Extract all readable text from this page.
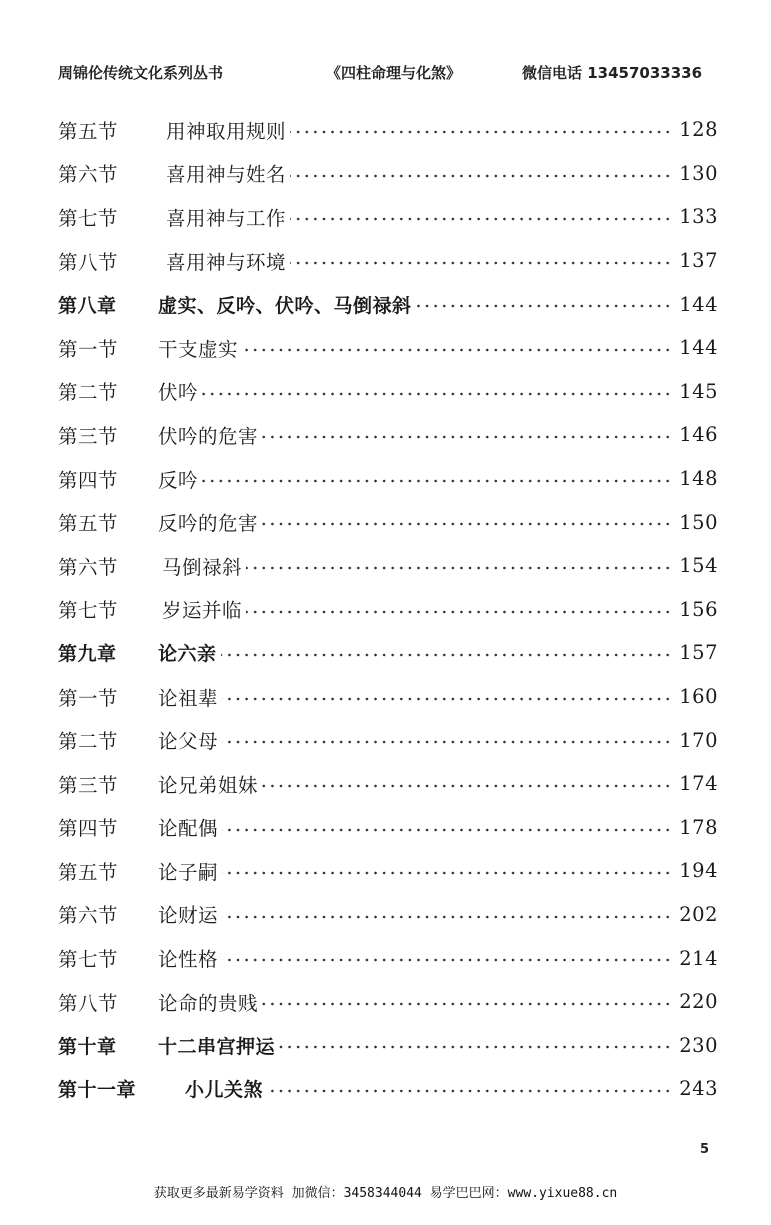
周锦伦传统文化系列丛书	《四柱命理与化煞》	微信电话 13457033336
第五节 用神取用规则	128
第六节 喜用神与姓名	130
第七节 喜用神与工作	133
第八节 喜用神与环境	137
第八章 虚实、反吟、伏吟、马倒禄斜	144
第一节 干支虚实	144
第二节 伏吟	145
第三节 伏吟的危害	146
第四节 反吟	148
第五节 反吟的危害	150
第六节 马倒禄斜	154
第七节 岁运并临	156
第九章 论六亲	157
第一节 论祖辈	160
第二节 论父母	170
第三节 论兄弟姐妹	174
第四节 论配偶	178
第五节 论子嗣	194
第六节 论财运	202
第七节 论性格	214
第八节 论命的贵贱	220
第十章 十二串宫押运	230
第十一章	小儿关煞	243
5
获取更多最新易学资料 加微信：3458344044 易学巴巴网：www.yixue88.cn
